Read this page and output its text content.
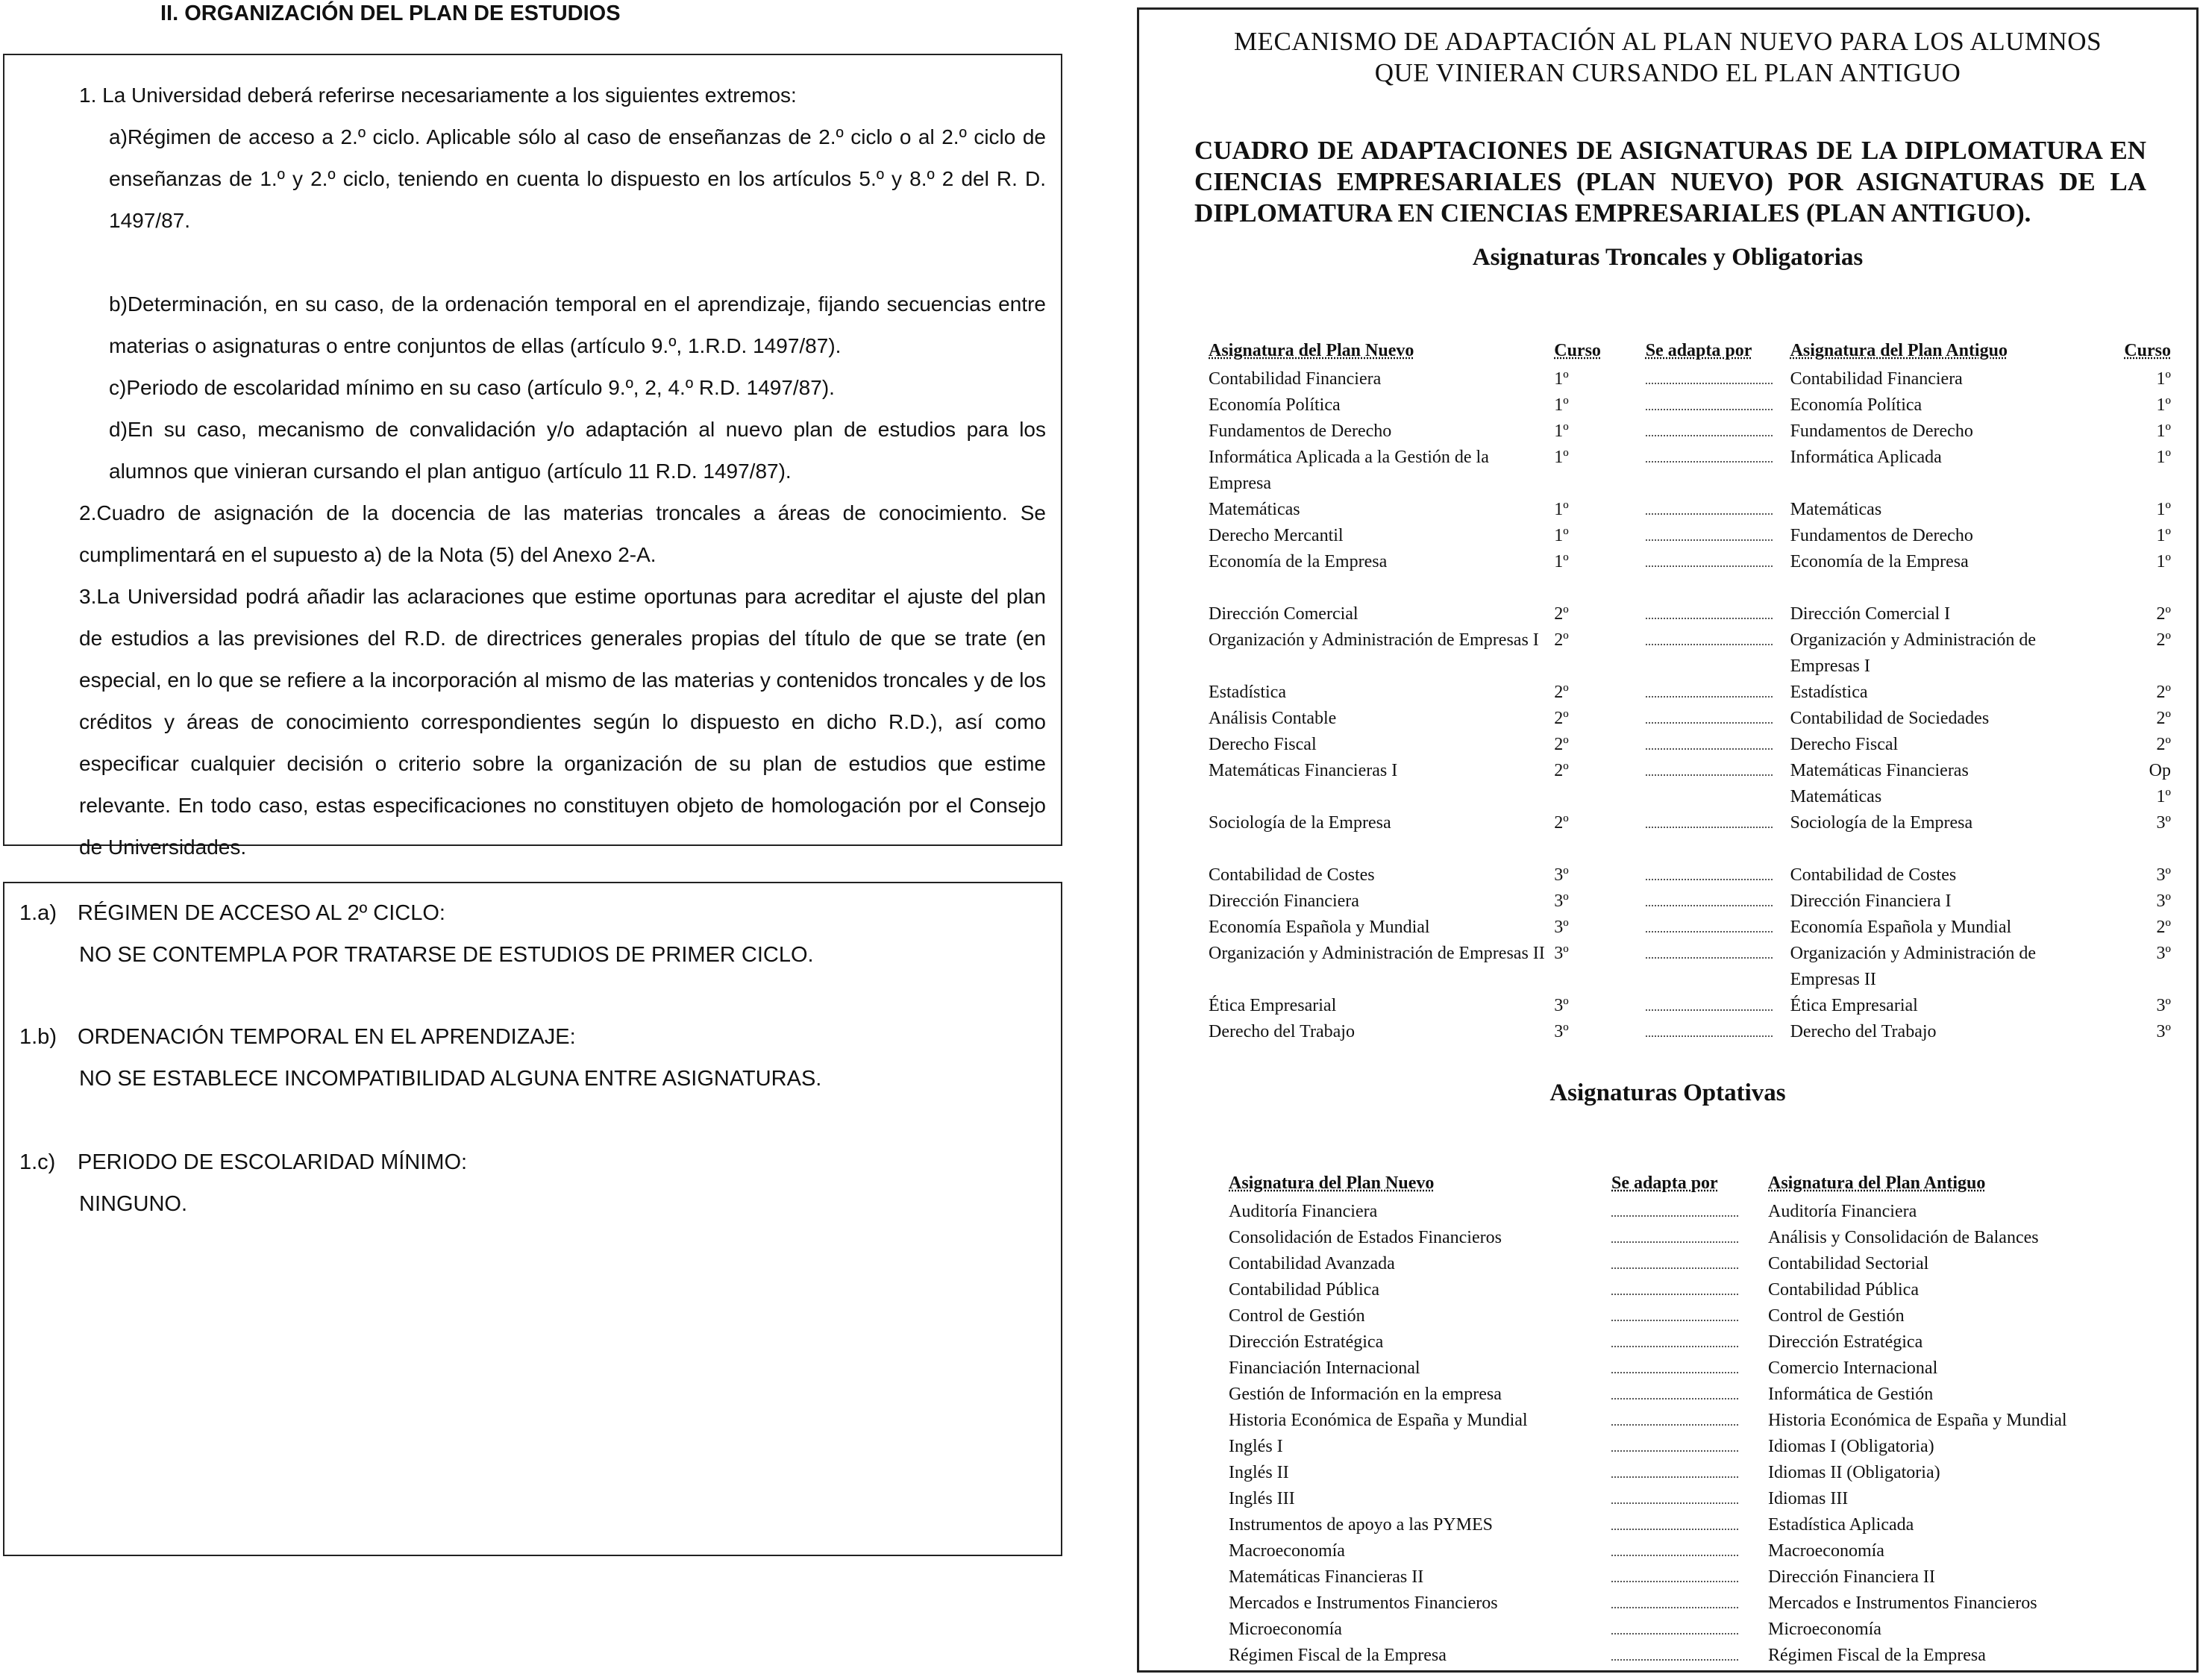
II. ORGANIZACIÓN DEL PLAN DE ESTUDIOS

1. La Universidad deberá referirse necesariamente a los siguientes extremos:

a)Régimen de acceso a 2.º ciclo. Aplicable sólo al caso de enseñanzas de 2.º ciclo o al 2.º ciclo de enseñanzas de 1.º y 2.º ciclo, teniendo en cuenta lo dispuesto en los artículos 5.º y 8.º 2 del R. D. 1497/87.

b)Determinación, en su caso, de la ordenación temporal en el aprendizaje, fijando secuencias entre materias o asignaturas o entre conjuntos de ellas (artículo 9.º, 1.R.D. 1497/87).

c)Periodo de escolaridad mínimo en su caso (artículo 9.º, 2, 4.º R.D. 1497/87).

d)En su caso, mecanismo de convalidación y/o adaptación al nuevo plan de estudios para los alumnos que vinieran cursando el plan antiguo (artículo 11 R.D. 1497/87).

2.Cuadro de asignación de la docencia de las materias troncales a áreas de conocimiento. Se cumplimentará en el supuesto a) de la Nota (5) del Anexo 2-A.

3.La Universidad podrá añadir las aclaraciones que estime oportunas para acreditar el ajuste del plan de estudios a las previsiones del R.D. de directrices generales propias del título de que se trate (en especial, en lo que se refiere a la incorporación al mismo de las materias y contenidos troncales y de los créditos y áreas de conocimiento correspondientes según lo dispuesto en dicho R.D.), así como especificar cualquier decisión o criterio sobre la organización de su plan de estudios que estime relevante. En todo caso, estas especificaciones no constituyen objeto de homologación por el Consejo de Universidades.

1.a) RÉGIMEN DE ACCESO AL 2º CICLO:
NO SE CONTEMPLA POR TRATARSE DE ESTUDIOS DE PRIMER CICLO.
1.b) ORDENACIÓN TEMPORAL EN EL APRENDIZAJE:
NO SE ESTABLECE INCOMPATIBILIDAD ALGUNA ENTRE ASIGNATURAS.
1.c) PERIODO DE ESCOLARIDAD MÍNIMO:
NINGUNO.
MECANISMO DE ADAPTACIÓN AL PLAN NUEVO PARA LOS ALUMNOS
QUE VINIERAN CURSANDO EL PLAN ANTIGUO
CUADRO DE ADAPTACIONES DE ASIGNATURAS DE LA DIPLOMATURA EN CIENCIAS EMPRESARIALES (PLAN NUEVO) POR ASIGNATURAS DE LA DIPLOMATURA EN CIENCIAS EMPRESARIALES (PLAN ANTIGUO).
Asignaturas Troncales y Obligatorias
Asignatura del Plan Nuevo	Curso	Se adapta por	Asignatura del Plan Antiguo	Curso
Contabilidad Financiera	1º		Contabilidad Financiera	1º
Economía Política	1º		Economía Política	1º
Fundamentos de Derecho	1º		Fundamentos de Derecho	1º
Informática Aplicada a la Gestión de la Empresa	1º		Informática Aplicada	1º
Matemáticas	1º		Matemáticas	1º
Derecho Mercantil	1º		Fundamentos de Derecho	1º
Economía de la Empresa	1º		Economía de la Empresa	1º

Dirección Comercial	2º		Dirección Comercial I	2º
Organización y Administración de Empresas I	2º		Organización y Administración de Empresas I	2º
Estadística	2º		Estadística	2º
Análisis Contable	2º		Contabilidad de Sociedades	2º
Derecho Fiscal	2º		Derecho Fiscal	2º
Matemáticas Financieras I	2º		Matemáticas Financieras	Op
			Matemáticas	1º
Sociología de la Empresa	2º		Sociología de la Empresa	3º

Contabilidad de Costes	3º		Contabilidad de Costes	3º
Dirección Financiera	3º		Dirección Financiera I	3º
Economía Española y Mundial	3º		Economía Española y Mundial	2º
Organización y Administración de Empresas II	3º		Organización y Administración de Empresas II	3º
Ética Empresarial	3º		Ética Empresarial	3º
Derecho del Trabajo	3º		Derecho del Trabajo	3º
Asignaturas Optativas
Asignatura del Plan Nuevo	Se adapta por	Asignatura del Plan Antiguo
Auditoría Financiera		Auditoría Financiera
Consolidación de Estados Financieros		Análisis y Consolidación de Balances
Contabilidad Avanzada		Contabilidad Sectorial
Contabilidad Pública		Contabilidad Pública
Control de Gestión		Control de Gestión
Dirección Estratégica		Dirección Estratégica
Financiación Internacional		Comercio Internacional
Gestión de Información en la empresa		Informática de Gestión
Historia Económica de España y Mundial		Historia Económica de España y Mundial
Inglés I		Idiomas I (Obligatoria)
Inglés II		Idiomas II (Obligatoria)
Inglés III		Idiomas III
Instrumentos de apoyo a las PYMES		Estadística Aplicada
Macroeconomía		Macroeconomía
Matemáticas Financieras II		Dirección Financiera II
Mercados e Instrumentos Financieros		Mercados e Instrumentos Financieros
Microeconomía		Microeconomía
Régimen Fiscal de la Empresa		Régimen Fiscal de la Empresa
